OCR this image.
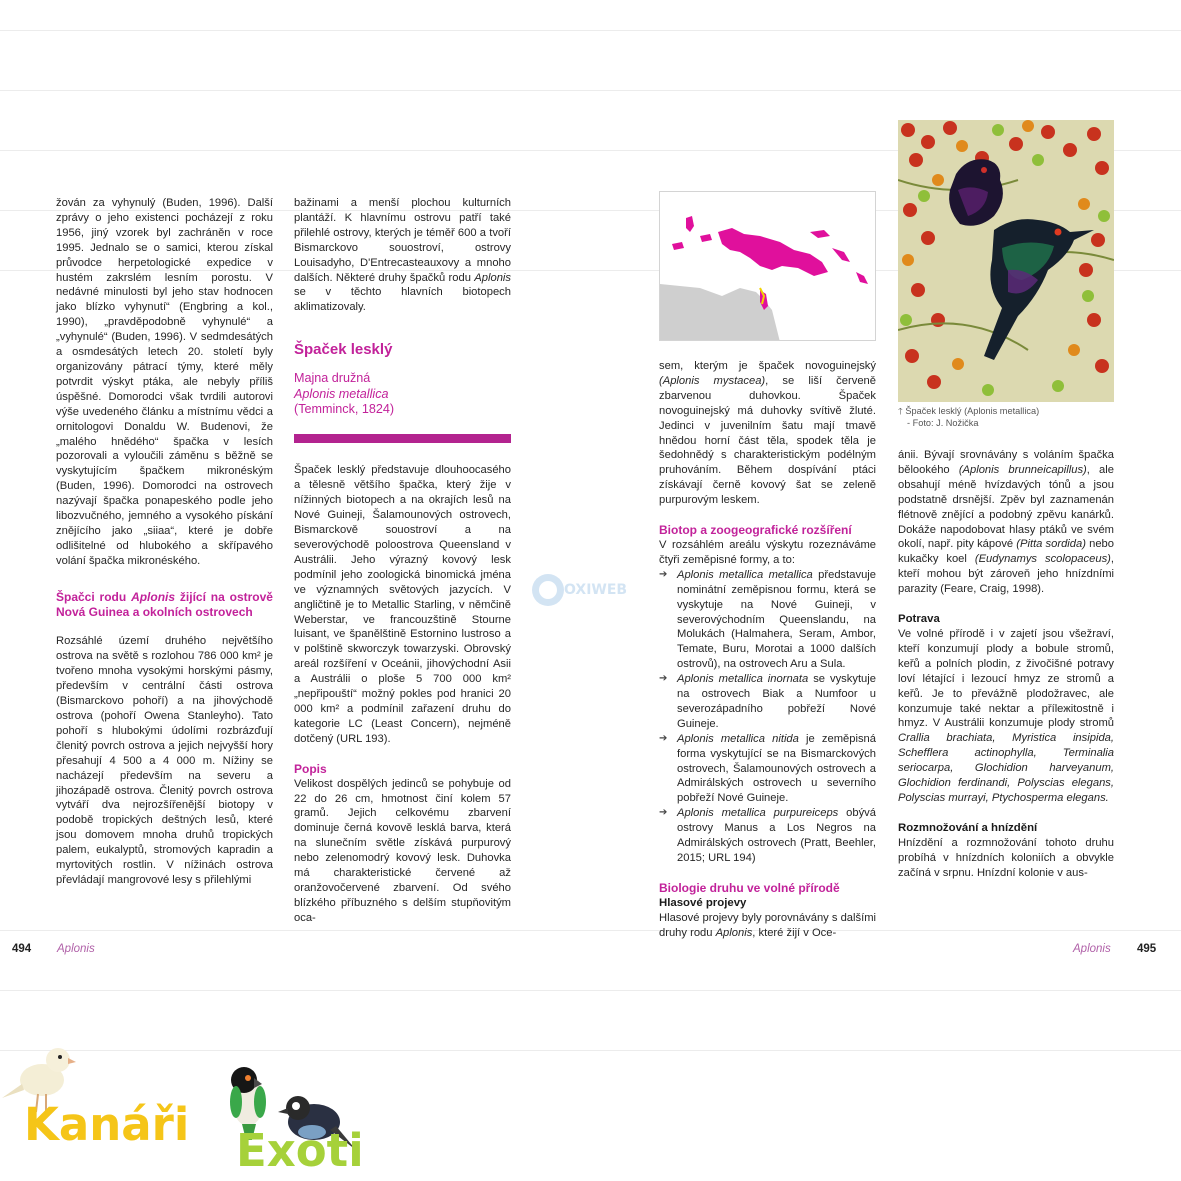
žován za vyhynulý (Buden, 1996). Další zprávy o jeho existenci pocházejí z roku 1956, jiný vzorek byl zachráněn v roce 1995. Jednalo se o samici, kterou získal průvodce herpetologické expedice v hustém zakrslém lesním porostu. V nedávné minulosti byl jeho stav hodnocen jako blízko vyhynutí“ (Engbring a kol., 1990), „pravděpodobně vyhynulé“ a „vyhynulé“ (Buden, 1996). V sedmdesátých a osmdesátých letech 20. století byly organizovány pátrací týmy, které měly potvrdit výskyt ptáka, ale nebyly příliš úspěšné. Domorodci však tvrdili autorovi výše uvedeného článku a místnímu vědci a ornitologovi Donaldu W. Budenovi, že „malého hnědého“ špačka v lesích pozorovali a vyloučili záměnu s běžně se vyskytujícím špačkem mikronéským (Buden, 1996). Domorodci na ostrovech nazývají špačka ponapeského podle jeho libozvučného, jemného a vysokého pískání znějícího jako „siiaa“, které je dobře odlišitelné od hlubokého a skřípavého volání špačka mikronéského.

Špačci rodu Aplonis žijící na ostrově Nová Guinea a okolních ostrovech

Rozsáhlé území druhého největšího ostrova na světě s rozlohou 786 000 km² je tvořeno mnoha vysokými horskými pásmy, především v centrální části ostrova (Bismarckovo pohoří) a na jihovýchodě ostrova (pohoří Owena Stanleyho). Tato pohoří s hlubokými údolími rozbrázďují členitý povrch ostrova a jejich nejvyšší hory přesahují 4 500 a 4 000 m. Nížiny se nacházejí především na severu a jihozápadě ostrova. Členitý povrch ostrova vytváří dva nejrozšířenější biotopy v podobě tropických deštných lesů, které jsou domovem mnoha druhů tropických palem, eukalyptů, stromových kapradin a myrtovitých rostlin. V nížinách ostrova převládají mangrovové lesy s přilehlými

bažinami a menší plochou kulturních plantáží. K hlavnímu ostrovu patří také přilehlé ostrovy, kterých je téměř 600 a tvoří Bismarckovo souostroví, ostrovy Louisadyho, D'Entrecasteauxovy a mnoho dalších. Některé druhy špačků rodu Aplonis se v těchto hlavních biotopech aklimatizovaly.

Špaček lesklý

Majna družná

Aplonis metallica

(Temminck, 1824)

Špaček lesklý představuje dlouhoocasého a tělesně většího špačka, který žije v nížinných biotopech a na okrajích lesů na Nové Guineji, Šalamounových ostrovech, Bismarckově souostroví a na severovýchodě poloostrova Queensland v Austrálii. Jeho výrazný kovový lesk podmínil jeho zoologická binomická jména ve významných světových jazycích. V angličtině je to Metallic Starling, v němčině Weberstar, ve francouzštině Stourne luisant, ve španělštině Estornino lustroso a v polštině skworczyk towarzyski. Obrovský areál rozšíření v Oceánii, jihovýchodní Asii a Austrálii o ploše 5 700 000 km² „nepřipouští“ možný pokles pod hranici 20 000 km² a podmínil zařazení druhu do kategorie LC (Least Concern), nejméně dotčený (URL 193).

Popis

Velikost dospělých jedinců se pohybuje od 22 do 26 cm, hmotnost činí kolem 57 gramů. Jejich celkovému zbarvení dominuje černá kovově lesklá barva, která na slunečním světle získává purpurový nebo zelenomodrý kovový lesk. Duhovka má charakteristické červené až oranžovočervené zbarvení. Od svého blízkého příbuzného s delším stupňovitým oca-

sem, kterým je špaček novoguinejský (Aplonis mystacea), se liší červeně zbarvenou duhovkou. Špaček novoguinejský má duhovky svítivě žluté. Jedinci v juvenilním šatu mají tmavě hnědou horní část těla, spodek těla je šedohnědý s charakteristickým podélným pruhováním. Během dospívání ptáci získávají černě kovový šat se zeleně purpurovým leskem.

Biotop a zoogeografické rozšíření

V rozsáhlém areálu výskytu rozeznáváme čtyři zeměpisné formy, a to:

➔ Aplonis metallica metallica představuje nominátní zeměpisnou formu, která se vyskytuje na Nové Guineji, v severovýchodním Queenslandu, na Molukách (Halmahera, Seram, Ambor, Temate, Buru, Morotai a 1000 dalších ostrovů), na ostrovech Aru a Sula.
➔ Aplonis metallica inornata se vyskytuje na ostrovech Biak a Numfoor u severozápadního pobřeží Nové Guineje.
➔ Aplonis metallica nitida je zeměpisná forma vyskytující se na Bismarckových ostrovech, Šalamounových ostrovech a Admirálských ostrovech u severního pobřeží Nové Guineje.
➔ Aplonis metallica purpureiceps obývá ostrovy Manus a Los Negros na Admirálských ostrovech (Pratt, Beehler, 2015; URL 194)

Biologie druhu ve volné přírodě

Hlasové projevy

Hlasové projevy byly porovnávány s dalšími druhy rodu Aplonis, které žijí v Oce-

🡑 Špaček lesklý (Aplonis metallica)

- Foto: J. Nožička

ánii. Bývají srovnávány s voláním špačka bělookého (Aplonis brunneicapillus), ale obsahují méně hvízdavých tónů a jsou podstatně drsnější. Zpěv byl zaznamenán flétnově znějící a podobný zpěvu kanárků. Dokáže napodobovat hlasy ptáků ve svém okolí, např. pity kápové (Pitta sordida) nebo kukačky koel (Eudynamys scolopaceus), kteří mohou být zároveň jeho hnízdními parazity (Feare, Craig, 1998).

Potrava

Ve volné přírodě i v zajetí jsou všežraví, kteří konzumují plody a bobule stromů, keřů a polních plodin, z živočišné potravy loví létající i lezoucí hmyz ze stromů a keřů. Je to převážně plodožravec, ale konzumuje také nektar a přílежitostně i hmyz. V Austrálii konzumuje plody stromů Crallia brachiata, Myristica insipida, Schefflera actinophylla, Terminalia seriocarpa, Glochidion harveyanum, Glochidion ferdinandi, Polyscias elegans, Polyscias murrayi, Ptychosperma elegans.

Rozmnožování a hnízdění

Hnízdění a rozmnožování tohoto druhu probíhá v hnízdních koloniích a obvykle začíná v srpnu. Hnízdní kolonie v aus-

494 Aplonis	Aplonis 495
OXIWEB
Kanáři Exoti
